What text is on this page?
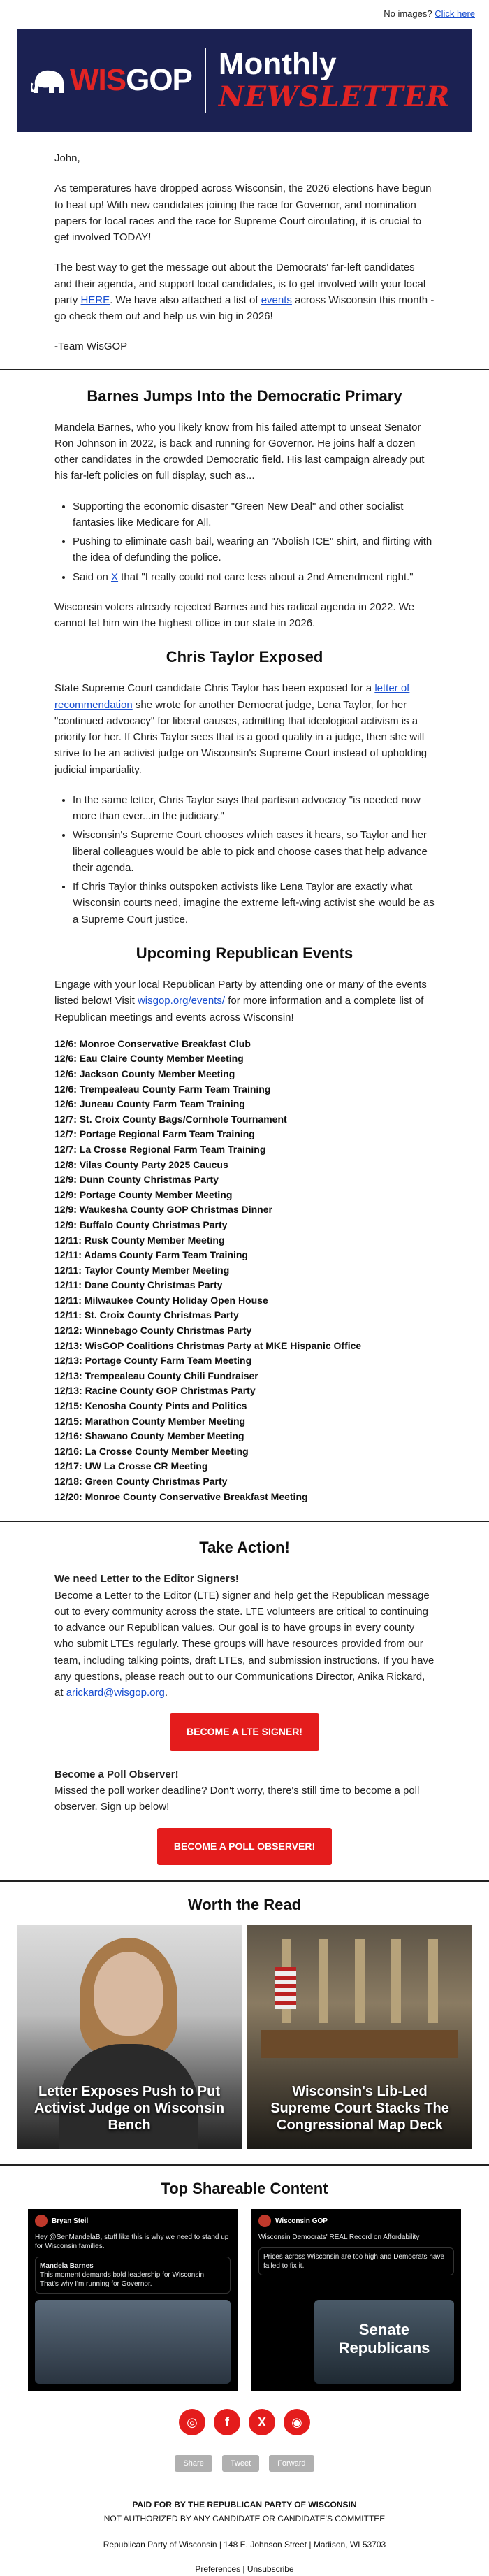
No images? Click here
WIS GOP Monthly
NEWSLETTER

John,

As temperatures have dropped across Wisconsin, the 2026 elections have begun to heat up! With new candidates joining the race for Governor, and nomination papers for local races and the race for Supreme Court circulating, it is crucial to get involved TODAY!

The best way to get the message out about the Democrats' far-left candidates and their agenda, and support local candidates, is to get involved with your local party HERE. We have also attached a list of events across Wisconsin this month - go check them out and help us win big in 2026!

-Team WisGOP

Barnes Jumps Into the Democratic Primary

Mandela Barnes, who you likely know from his failed attempt to unseat Senator Ron Johnson in 2022, is back and running for Governor. He joins half a dozen other candidates in the crowded Democratic field. His last campaign already put his far-left policies on full display, such as...

• Supporting the economic disaster "Green New Deal" and other socialist fantasies like Medicare for All.
• Pushing to eliminate cash bail, wearing an "Abolish ICE" shirt, and flirting with the idea of defunding the police.
• Said on X that "I really could not care less about a 2nd Amendment right."

Wisconsin voters already rejected Barnes and his radical agenda in 2022. We cannot let him win the highest office in our state in 2026.

Chris Taylor Exposed

State Supreme Court candidate Chris Taylor has been exposed for a letter of recommendation she wrote for another Democrat judge, Lena Taylor, for her "continued advocacy" for liberal causes, admitting that ideological activism is a priority for her. If Chris Taylor sees that is a good quality in a judge, then she will strive to be an activist judge on Wisconsin's Supreme Court instead of upholding judicial impartiality.

• In the same letter, Chris Taylor says that partisan advocacy "is needed now more than ever...in the judiciary."
• Wisconsin's Supreme Court chooses which cases it hears, so Taylor and her liberal colleagues would be able to pick and choose cases that help advance their agenda.
• If Chris Taylor thinks outspoken activists like Lena Taylor are exactly what Wisconsin courts need, imagine the extreme left-wing activist she would be as a Supreme Court justice.
Upcoming Republican Events

Engage with your local Republican Party by attending one or many of the events listed below! Visit wisgop.org/events/ for more information and a complete list of Republican meetings and events across Wisconsin!

12/6: Monroe Conservative Breakfast Club
12/6: Eau Claire County Member Meeting
12/6: Jackson County Member Meeting
12/6: Trempealeau County Farm Team Training
12/6: Juneau County Farm Team Training
12/7: St. Croix County Bags/Cornhole Tournament
12/7: Portage Regional Farm Team Training
12/7: La Crosse Regional Farm Team Training
12/8: Vilas County Party 2025 Caucus
12/9: Dunn County Christmas Party
12/9: Portage County Member Meeting
12/9: Waukesha County GOP Christmas Dinner
12/9: Buffalo County Christmas Party
12/11: Rusk County Member Meeting
12/11: Adams County Farm Team Training
12/11: Taylor County Member Meeting
12/11: Dane County Christmas Party
12/11: Milwaukee County Holiday Open House
12/11: St. Croix County Christmas Party
12/12: Winnebago County Christmas Party
12/13: WisGOP Coalitions Christmas Party at MKE Hispanic Office
12/13: Portage County Farm Team Meeting
12/13: Trempealeau County Chili Fundraiser
12/13: Racine County GOP Christmas Party
12/15: Kenosha County Pints and Politics
12/15: Marathon County Member Meeting
12/16: Shawano County Member Meeting
12/16: La Crosse County Member Meeting
12/17: UW La Crosse CR Meeting
12/18: Green County Christmas Party
12/20: Monroe County Conservative Breakfast Meeting
Take Action!

We need Letter to the Editor Signers!

Become a Letter to the Editor (LTE) signer and help get the Republican message out to every community across the state. LTE volunteers are critical to continuing to advance our Republican values. Our goal is to have groups in every county who submit LTEs regularly. These groups will have resources provided from our team, including talking points, draft LTEs, and submission instructions. If you have any questions, please reach out to our Communications Director, Anika Rickard, at arickard@wisgop.org.

BECOME A LTE SIGNER!

Become a Poll Observer!

Missed the poll worker deadline? Don't worry, there's still time to become a poll observer. Sign up below!

BECOME A POLL OBSERVER!
Worth the Read
Letter Exposes Push to Put Activist Judge on Wisconsin Bench
Wisconsin's Lib-Led Supreme Court Stacks The Congressional Map Deck
Top Shareable Content
Bryan Steil
Hey @SenMandelaB, stuff like this is why we need to stand up for Wisconsin families.
Mandela Barnes
This moment demands bold leadership for Wisconsin. That's why I'm running for Governor.
Wisconsin GOP
Wisconsin Democrats' REAL Record on Affordability
Prices across Wisconsin are too high and Democrats have failed to fix it.
Senate Republicans
◎	f	X	◉
Share	Tweet	Forward
PAID FOR BY THE REPUBLICAN PARTY OF WISCONSIN
NOT AUTHORIZED BY ANY CANDIDATE OR CANDIDATE'S COMMITTEE
Republican Party of Wisconsin | 148 E. Johnson Street | Madison, WI 53703
Preferences | Unsubscribe
